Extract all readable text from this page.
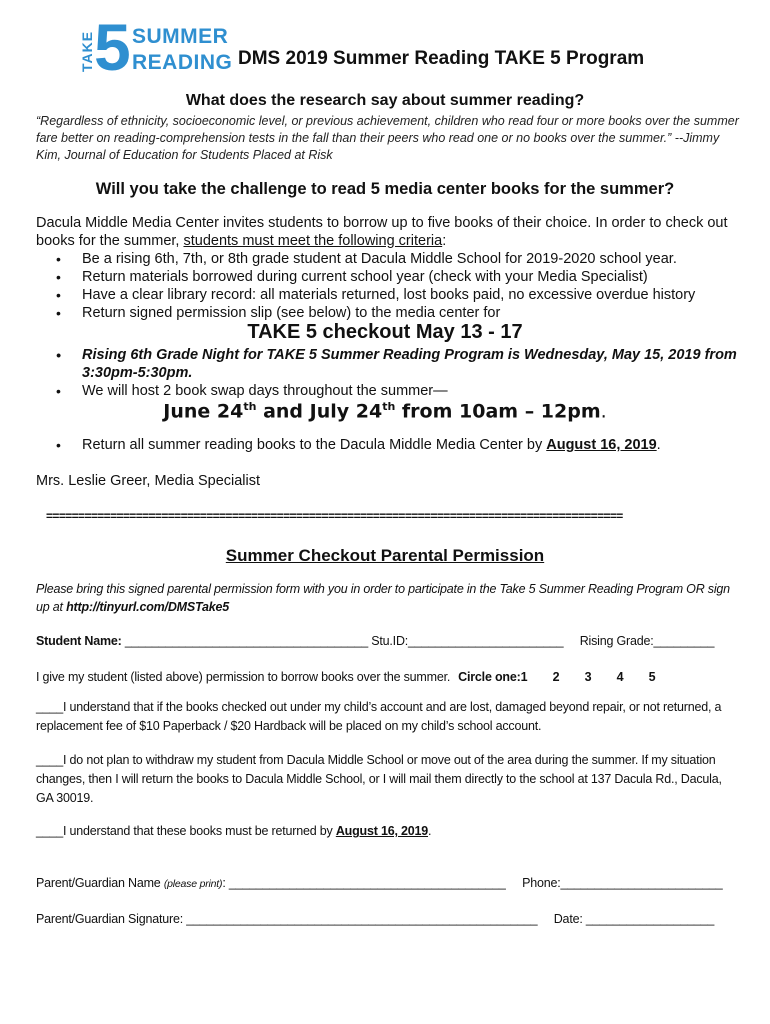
TAKE 5 SUMMER
READING DMS 2019 Summer Reading TAKE 5 Program
What does the research say about summer reading?
“Regardless of ethnicity, socioeconomic level, or previous achievement, children who read four or more books over the summer fare better on reading-comprehension tests in the fall than their peers who read one or no books over the summer.” --Jimmy Kim, Journal of Education for Students Placed at Risk
Will you take the challenge to read 5 media center books for the summer?
Dacula Middle Media Center invites students to borrow up to five books of their choice. In order to check out books for the summer, students must meet the following criteria:
• Be a rising 6th, 7th, or 8th grade student at Dacula Middle School for 2019-2020 school year.
• Return materials borrowed during current school year (check with your Media Specialist)
• Have a clear library record: all materials returned, lost books paid, no excessive overdue history
• Return signed permission slip (see below) to the media center for
TAKE 5 checkout May 13 - 17
• Rising 6th Grade Night for TAKE 5 Summer Reading Program is Wednesday, May 15, 2019 from 3:30pm-5:30pm.
• We will host 2 book swap days throughout the summer—
June 24th and July 24th from 10am – 12pm.
• Return all summer reading books to the Dacula Middle Media Center by August 16, 2019.
Mrs. Leslie Greer, Media Specialist
==========================================================================================
Summer Checkout Parental Permission
Please bring this signed parental permission form with you in order to participate in the Take 5 Summer Reading Program OR sign up at http://tinyurl.com/DMSTake5
Student Name: ____________________________________ Stu.ID:_______________________ Rising Grade:_________
I give my student (listed above) permission to borrow books over the summer. Circle one:1 2 3 4 5
____I understand that if the books checked out under my child’s account and are lost, damaged beyond repair, or not returned, a replacement fee of $10 Paperback / $20 Hardback will be placed on my child’s school account.
____I do not plan to withdraw my student from Dacula Middle School or move out of the area during the summer. If my situation changes, then I will return the books to Dacula Middle School, or I will mail them directly to the school at 137 Dacula Rd., Dacula, GA 30019.
____I understand that these books must be returned by August 16, 2019.
Parent/Guardian Name (please print): _________________________________________ Phone:________________________
Parent/Guardian Signature: ____________________________________________________ Date: ___________________
